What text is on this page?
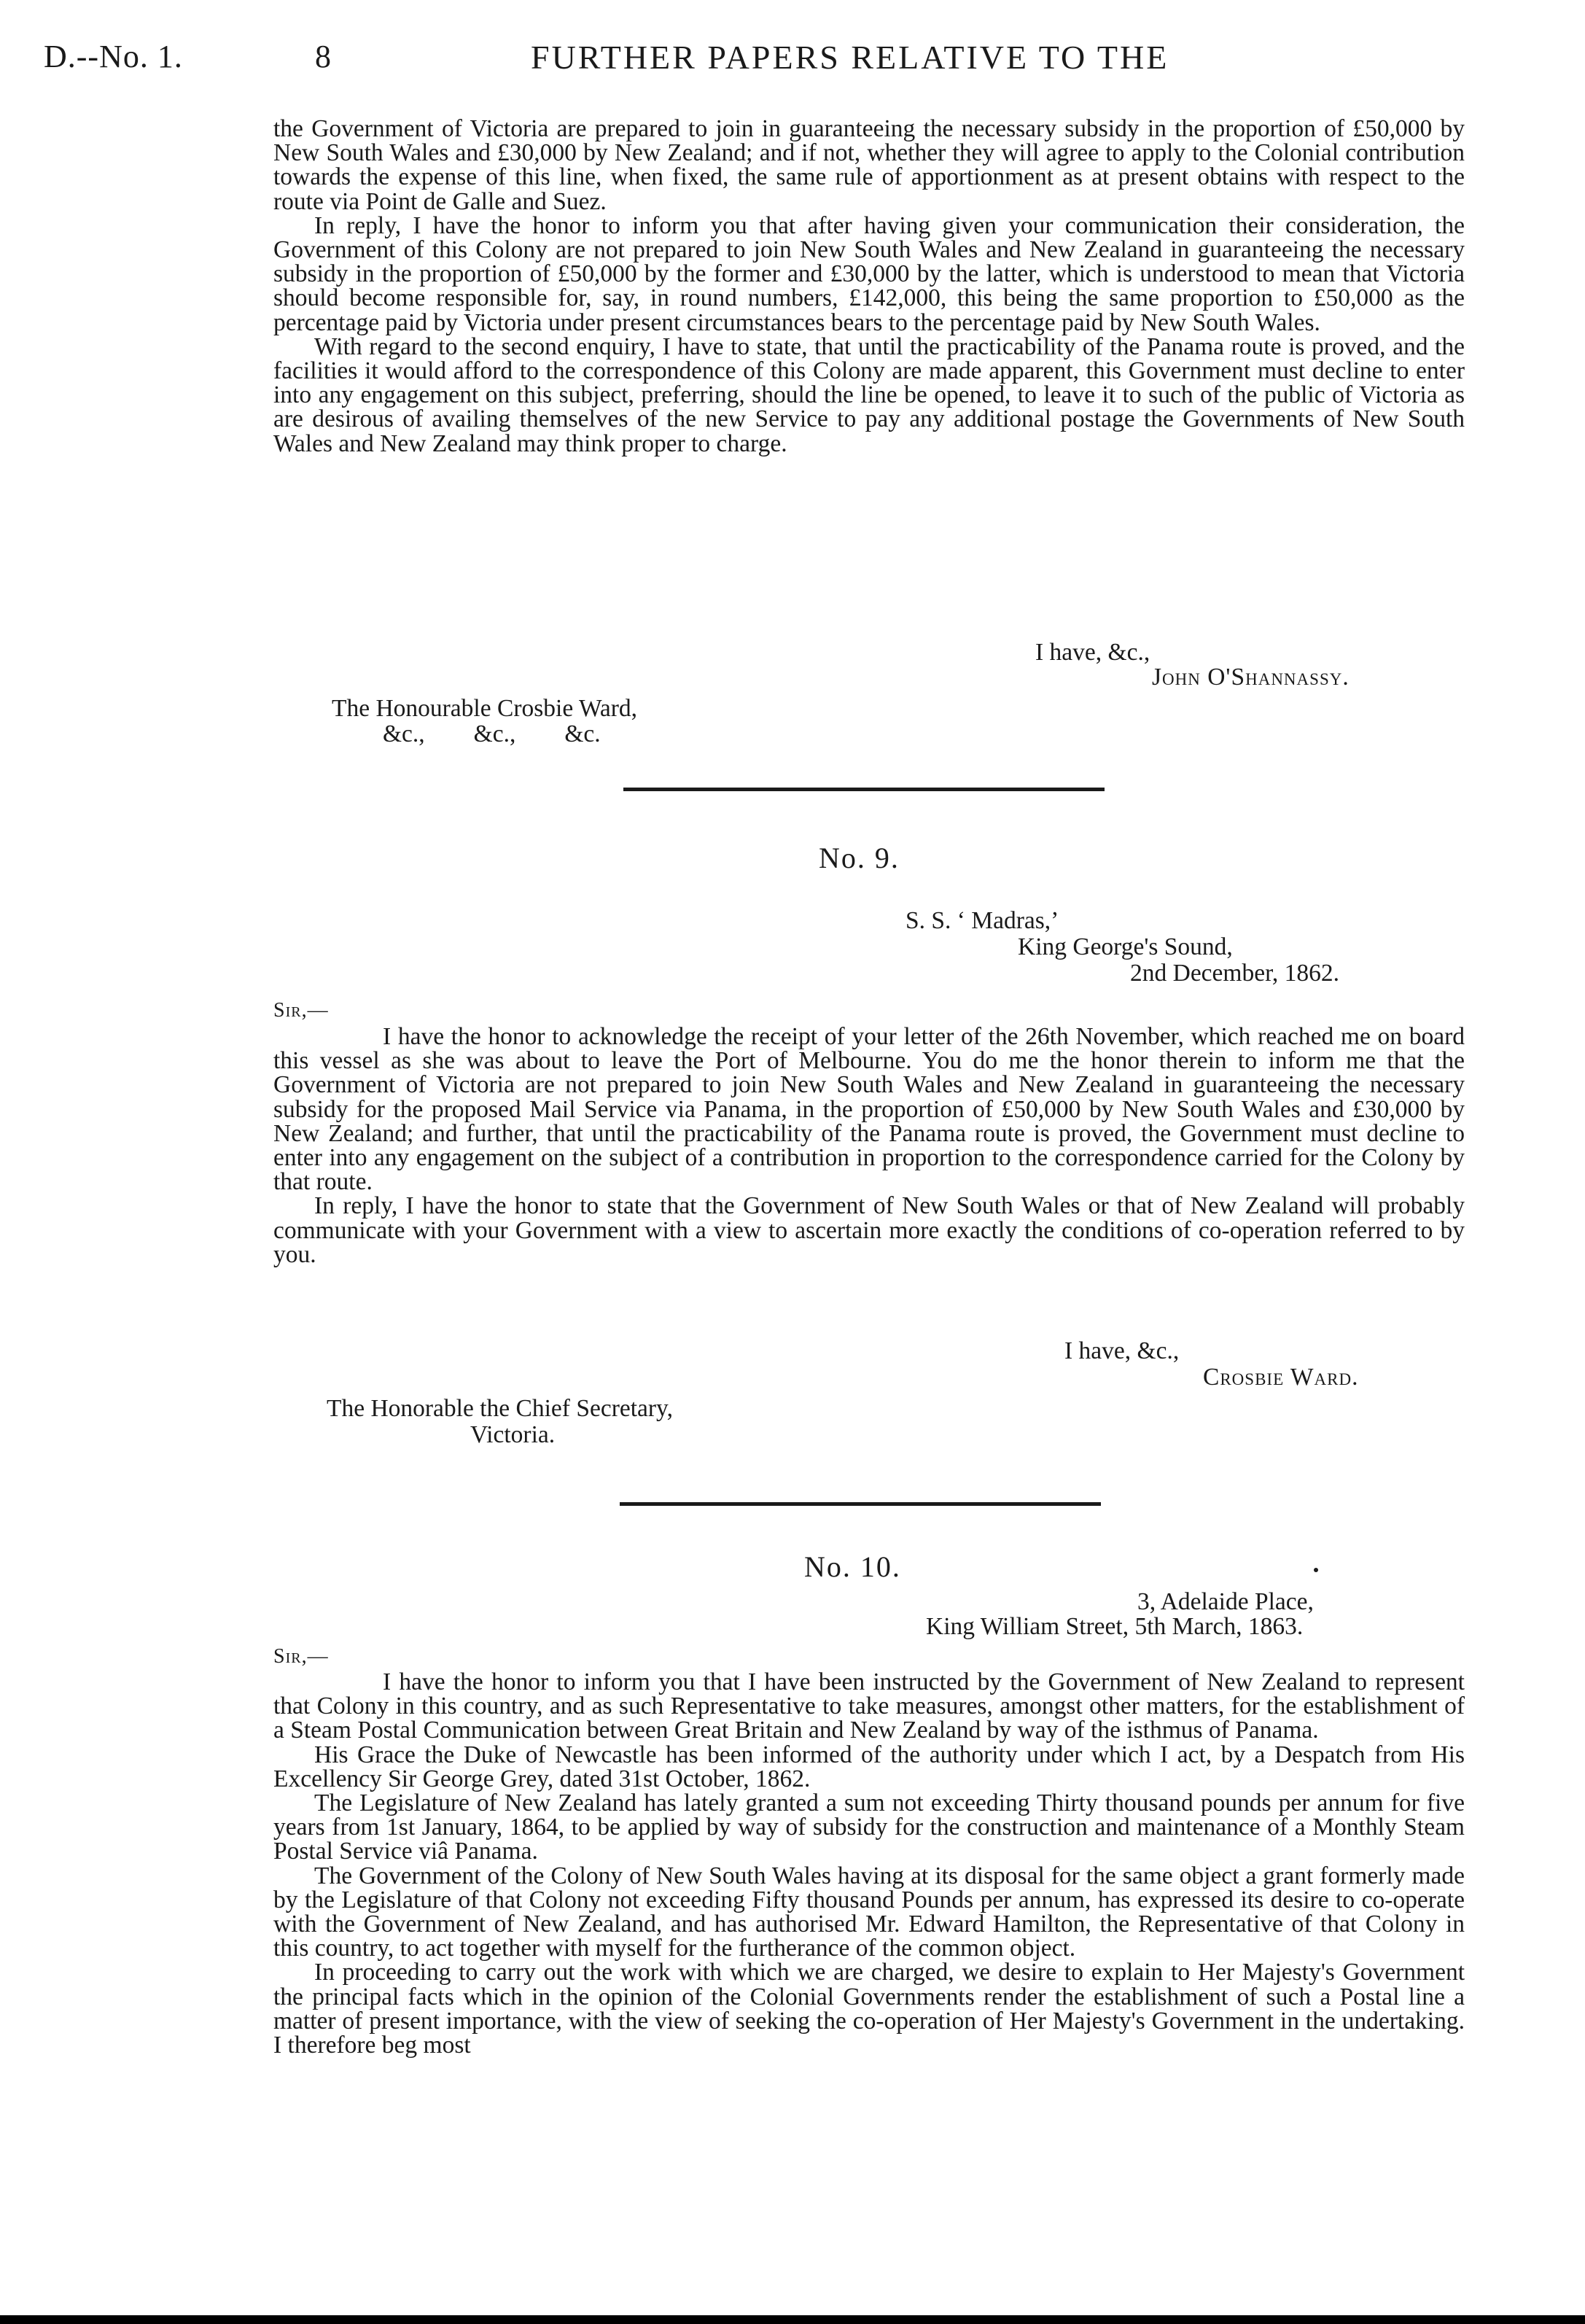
D.--No. 1.	8	FURTHER PAPERS RELATIVE TO THE

the Government of Victoria are prepared to join in guaranteeing the necessary subsidy in the proportion of £50,000 by New South Wales and £30,000 by New Zealand; and if not, whether they will agree to apply to the Colonial contribution towards the expense of this line, when fixed, the same rule of apportionment as at present obtains with respect to the route via Point de Galle and Suez.

In reply, I have the honor to inform you that after having given your communication their consideration, the Government of this Colony are not prepared to join New South Wales and New Zealand in guaranteeing the necessary subsidy in the proportion of £50,000 by the former and £30,000 by the latter, which is understood to mean that Victoria should become responsible for, say, in round numbers, £142,000, this being the same proportion to £50,000 as the percentage paid by Victoria under present circumstances bears to the percentage paid by New South Wales.

With regard to the second enquiry, I have to state, that until the practicability of the Panama route is proved, and the facilities it would afford to the correspondence of this Colony are made apparent, this Government must decline to enter into any engagement on this subject, preferring, should the line be opened, to leave it to such of the public of Victoria as are desirous of availing themselves of the new Service to pay any additional postage the Governments of New South Wales and New Zealand may think proper to charge.

I have, &c.,
John O'Shannassy.
The Honourable Crosbie Ward,
&c.,        &c.,        &c.
No. 9.
S. S. ‘ Madras,’
King George's Sound,
2nd December, 1862.
Sir,—

I have the honor to acknowledge the receipt of your letter of the 26th November, which reached me on board this vessel as she was about to leave the Port of Melbourne. You do me the honor therein to inform me that the Government of Victoria are not prepared to join New South Wales and New Zealand in guaranteeing the necessary subsidy for the proposed Mail Service via Panama, in the proportion of £50,000 by New South Wales and £30,000 by New Zealand; and further, that until the practicability of the Panama route is proved, the Government must decline to enter into any engagement on the subject of a contribution in proportion to the correspondence carried for the Colony by that route.

In reply, I have the honor to state that the Government of New South Wales or that of New Zealand will probably communicate with your Government with a view to ascertain more exactly the conditions of co-operation referred to by you.

I have, &c.,
Crosbie Ward.
The Honorable the Chief Secretary,
Victoria.
No. 10.
3, Adelaide Place,
King William Street, 5th March, 1863.
Sir,—

I have the honor to inform you that I have been instructed by the Government of New Zealand to represent that Colony in this country, and as such Representative to take measures, amongst other matters, for the establishment of a Steam Postal Communication between Great Britain and New Zealand by way of the isthmus of Panama.

His Grace the Duke of Newcastle has been informed of the authority under which I act, by a Despatch from His Excellency Sir George Grey, dated 31st October, 1862.

The Legislature of New Zealand has lately granted a sum not exceeding Thirty thousand pounds per annum for five years from 1st January, 1864, to be applied by way of subsidy for the construction and maintenance of a Monthly Steam Postal Service viâ Panama.

The Government of the Colony of New South Wales having at its disposal for the same object a grant formerly made by the Legislature of that Colony not exceeding Fifty thousand Pounds per annum, has expressed its desire to co-operate with the Government of New Zealand, and has authorised Mr. Edward Hamilton, the Representative of that Colony in this country, to act together with myself for the furtherance of the common object.

In proceeding to carry out the work with which we are charged, we desire to explain to Her Majesty's Government the principal facts which in the opinion of the Colonial Governments render the establishment of such a Postal line a matter of present importance, with the view of seeking the co-operation of Her Majesty's Government in the undertaking. I therefore beg most
